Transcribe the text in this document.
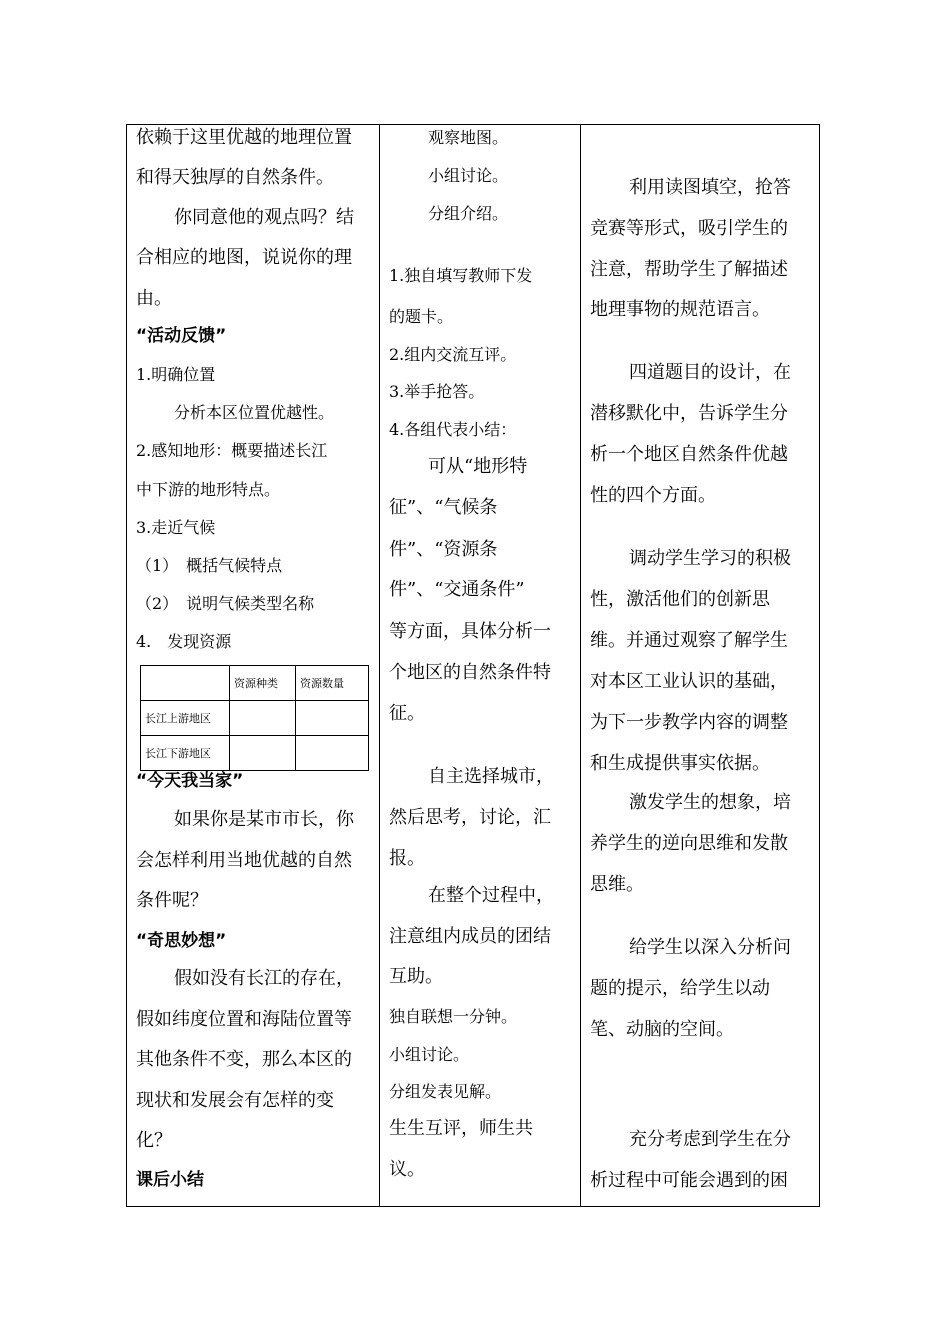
依赖于这里优越的地理位置
和得天独厚的自然条件。
你同意他的观点吗？结
合相应的地图，说说你的理
由。
“活动反馈”
1.明确位置
分析本区位置优越性。
2.感知地形：概要描述长江
中下游的地形特点。
3.走近气候
（1）　概括气候特点
（2）　说明气候类型名称
4.　发现资源
	资源种类	资源数量
长江上游地区		
长江下游地区		
“今天我当家”
如果你是某市市长，你
会怎样利用当地优越的自然
条件呢？
“奇思妙想”
假如没有长江的存在，
假如纬度位置和海陆位置等
其他条件不变，那么本区的
现状和发展会有怎样的变
化？
课后小结
观察地图。
小组讨论。
分组介绍。
1.独自填写教师下发
的题卡。
2.组内交流互评。
3.举手抢答。
4.各组代表小结：
可从“地形特
征”、“气候条
件”、“资源条
件”、“交通条件”
等方面，具体分析一
个地区的自然条件特
征。
自主选择城市，
然后思考，讨论，汇
报。
在整个过程中，
注意组内成员的团结
互助。
独自联想一分钟。
小组讨论。
分组发表见解。
生生互评，师生共
议。
利用读图填空，抢答
竞赛等形式，吸引学生的
注意，帮助学生了解描述
地理事物的规范语言。
四道题目的设计，在
潜移默化中，告诉学生分
析一个地区自然条件优越
性的四个方面。
调动学生学习的积极
性，激活他们的创新思
维。并通过观察了解学生
对本区工业认识的基础，
为下一步教学内容的调整
和生成提供事实依据。
激发学生的想象，培
养学生的逆向思维和发散
思维。
给学生以深入分析问
题的提示，给学生以动
笔、动脑的空间。
充分考虑到学生在分
析过程中可能会遇到的困
